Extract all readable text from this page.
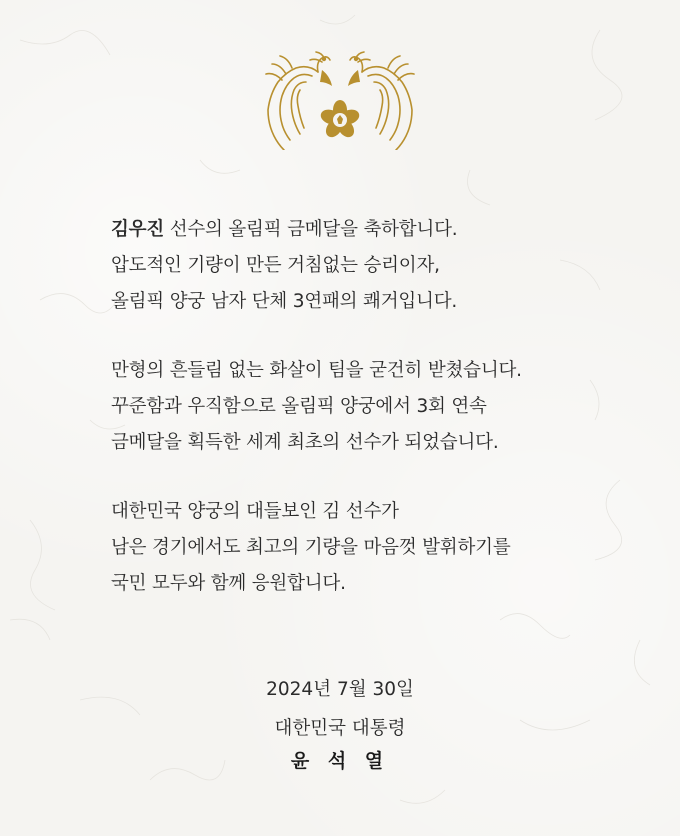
김우진 선수의 올림픽 금메달을 축하합니다.
압도적인 기량이 만든 거침없는 승리이자,
올림픽 양궁 남자 단체 3연패의 쾌거입니다.
만형의 흔들림 없는 화살이 팀을 굳건히 받쳤습니다.
꾸준함과 우직함으로 올림픽 양궁에서 3회 연속
금메달을 획득한 세계 최초의 선수가 되었습니다.
대한민국 양궁의 대들보인 김 선수가
남은 경기에서도 최고의 기량을 마음껏 발휘하기를
국민 모두와 함께 응원합니다.
2024년 7월 30일
대한민국 대통령
윤 석 열
